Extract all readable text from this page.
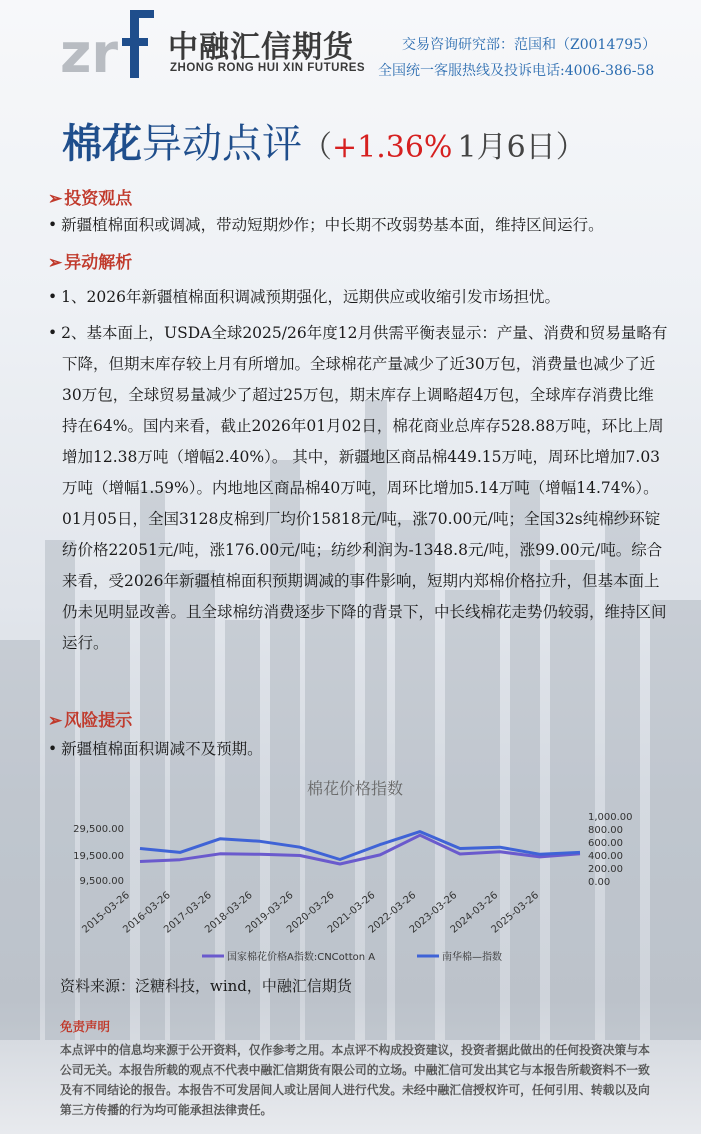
zr 中融汇信期货
ZHONG RONG HUI XIN FUTURES
交易咨询研究部：范国和（Z0014795）
全国统一客服热线及投诉电话:4006-386-58
棉花异动点评（+1.36% 1月6日）
➢ 投资观点
• 新疆植棉面积或调减，带动短期炒作；中长期不改弱势基本面，维持区间运行。
➢ 异动解析
• 1、2026年新疆植棉面积调减预期强化，远期供应或收缩引发市场担忧。
• 2、基本面上，USDA全球2025/26年度12月供需平衡表显示：产量、消费和贸易量略有下降，但期末库存较上月有所增加。全球棉花产量减少了近30万包，消费量也减少了近30万包，全球贸易量减少了超过25万包，期末库存上调略超4万包，全球库存消费比维持在64%。国内来看，截止2026年01月02日，棉花商业总库存528.88万吨，环比上周增加12.38万吨（增幅2.40%）。 其中，新疆地区商品棉449.15万吨，周环比增加7.03万吨（增幅1.59%）。内地地区商品棉40万吨，周环比增加5.14万吨（增幅14.74%）。01月05日，全国3128皮棉到厂均价15818元/吨，涨70.00元/吨；全国32s纯棉纱环锭纺价格22051元/吨，涨176.00元/吨；纺纱利润为-1348.8元/吨，涨99.00元/吨。综合来看，受2026年新疆植棉面积预期调减的事件影响，短期内郑棉价格拉升，但基本面上仍未见明显改善。且全球棉纺消费逐步下降的背景下，中长线棉花走势仍较弱，维持区间运行。
➢ 风险提示
• 新疆植棉面积调减不及预期。
棉花价格指数
29,500.00
19,500.00
9,500.00
1,000.00
800.00
600.00
400.00
200.00
0.00
2015-03-26
2016-03-26
2017-03-26
2018-03-26
2019-03-26
2020-03-26
2021-03-26
2022-03-26
2023-03-26
2024-03-26
2025-03-26
国家棉花价格A指数:CNCotton A	南华棉—指数
资料来源：泛糖科技，wind，中融汇信期货
免责声明
本点评中的信息均来源于公开资料，仅作参考之用。本点评不构成投资建议，投资者据此做出的任何投资决策与本公司无关。本报告所载的观点不代表中融汇信期货有限公司的立场。中融汇信可发出其它与本报告所载资料不一致及有不同结论的报告。本报告不可发居间人或让居间人进行代发。未经中融汇信授权许可，任何引用、转载以及向第三方传播的行为均可能承担法律责任。
